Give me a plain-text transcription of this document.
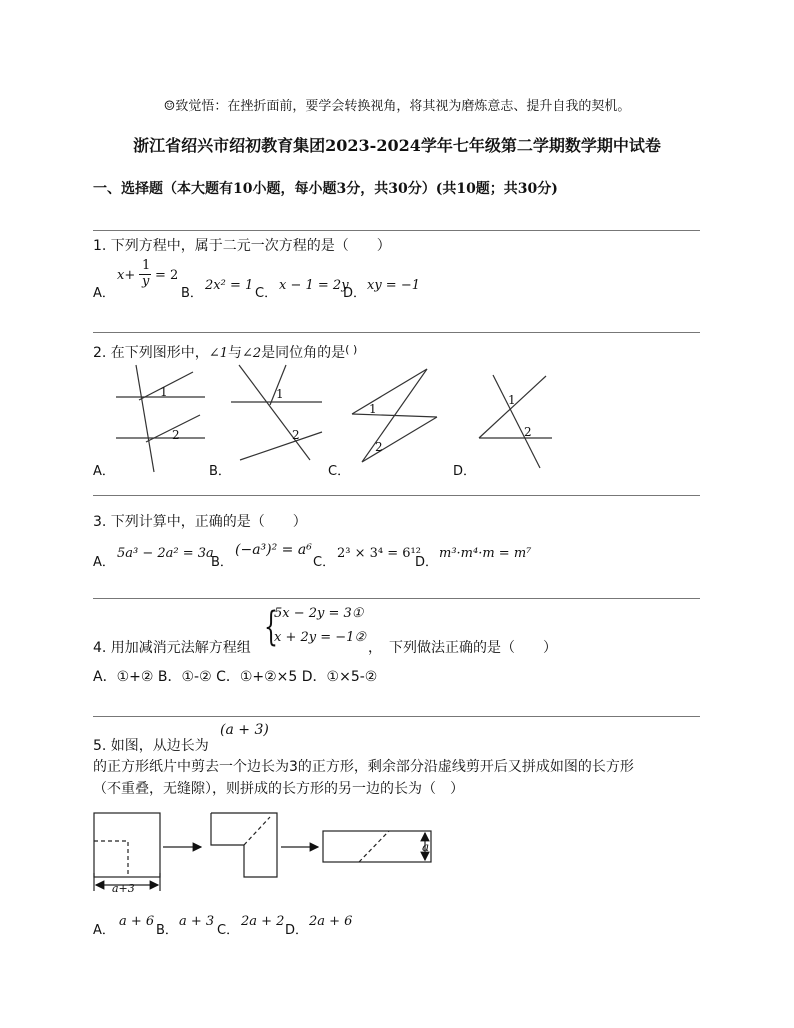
☺致觉悟：在挫折面前，要学会转换视角，将其视为磨炼意志、提升自我的契机。
浙江省绍兴市绍初教育集团2023-2024学年七年级第二学期数学期中试卷
一、选择题（本大题有10小题，每小题3分，共30分）(共10题；共30分)
1. 下列方程中，属于二元一次方程的是（　　）
A．
x+
1
y = 2
B．
2x² = 1
C．
x − 1 = 2y
D．
xy = −1
2. 在下列图形中，∠1与∠2是同位角的是( )
1
2
1
2
1
2
1
2
A．	B．	C．	D．
3. 下列计算中，正确的是（　　）
A．
5a³ − 2a² = 3a
B．
(−a³)² = a⁶
C．
2³ × 3⁴ = 6¹²
D．
m³·m⁴·m = m⁷
4. 用加减消元法解方程组 {
5x − 2y = 3①
x + 2y = −1②
，　下列做法正确的是（　　）
A．①+② B．①-② C．①+②×5 D．①×5-②
5. 如图，从边长为
(a + 3)
的正方形纸片中剪去一个边长为3的正方形，剩余部分沿虚线剪开后又拼成如图的长方形
（不重叠，无缝隙），则拼成的长方形的另一边的长为（　）
a+3
a
A．
a + 6
B．
a + 3
C．
2a + 2
D．
2a + 6
